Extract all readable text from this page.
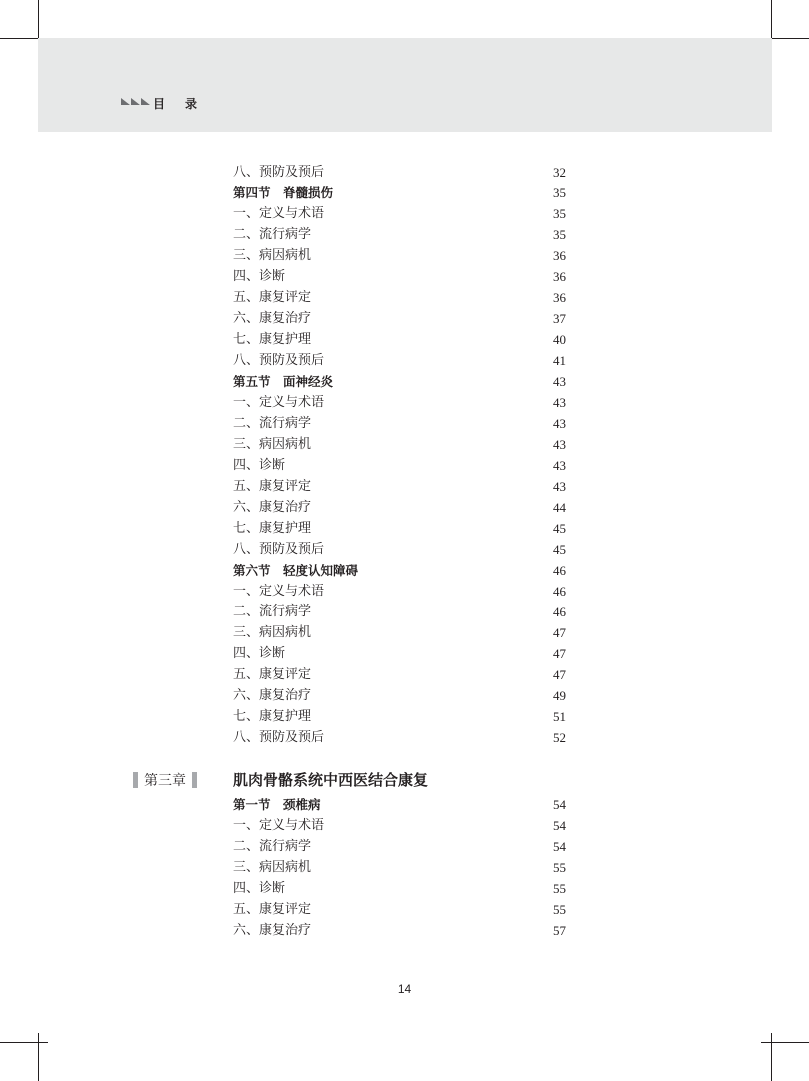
目录
八、预防及预后	32
第四节　脊髓损伤	35
一、定义与术语	35
二、流行病学	35
三、病因病机	36
四、诊断	36
五、康复评定	36
六、康复治疗	37
七、康复护理	40
八、预防及预后	41
第五节　面神经炎	43
一、定义与术语	43
二、流行病学	43
三、病因病机	43
四、诊断	43
五、康复评定	43
六、康复治疗	44
七、康复护理	45
八、预防及预后	45
第六节　轻度认知障碍	46
一、定义与术语	46
二、流行病学	46
三、病因病机	47
四、诊断	47
五、康复评定	47
六、康复治疗	49
七、康复护理	51
八、预防及预后	52
第三章	肌肉骨骼系统中西医结合康复
第一节　颈椎病	54
一、定义与术语	54
二、流行病学	54
三、病因病机	55
四、诊断	55
五、康复评定	55
六、康复治疗	57
14
